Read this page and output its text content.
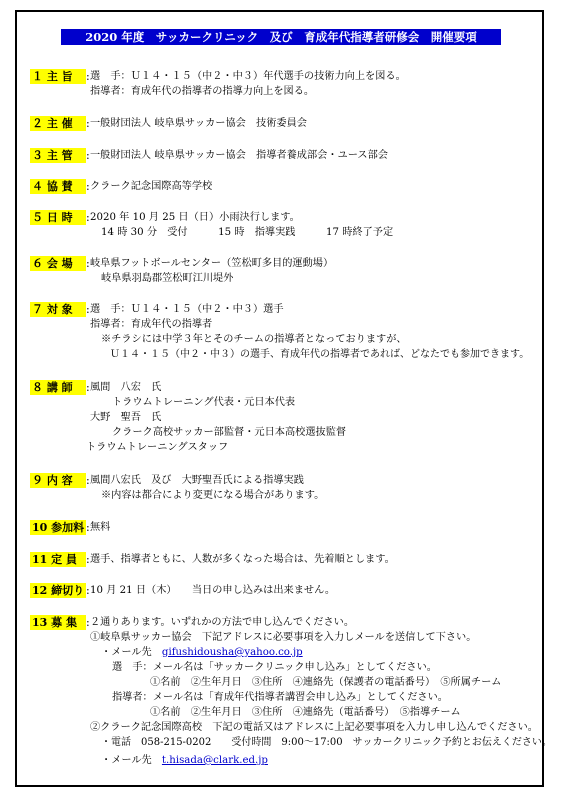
2020 年度　サッカークリニック　及び　育成年代指導者研修会　開催要項
１ 主 旨	: 選　手：Ｕ１４・１５（中２・中３）年代選手の技術力向上を図る。
指導者：育成年代の指導者の指導力向上を図る。
２ 主 催	: 一般財団法人 岐阜県サッカー協会　技術委員会
３ 主 管	: 一般財団法人 岐阜県サッカー協会　指導者養成部会・ユース部会
４ 協 賛	: クラーク記念国際高等学校
５ 日 時	: 2020 年 10 月 25 日（日）小雨決行します。
14 時 30 分　受付　　　15 時　指導実践　　　17 時終了予定
６ 会 場	: 岐阜県フットボールセンター（笠松町多目的運動場）
岐阜県羽島郡笠松町江川堤外
７ 対 象	: 選　手：Ｕ１４・１５（中２・中３）選手
指導者：育成年代の指導者
※チラシには中学３年とそのチームの指導者となっておりますが、
Ｕ１４・１５（中２・中３）の選手、育成年代の指導者であれば、どなたでも参加できます。
８ 講 師	: 風間　八宏　氏
トラウムトレーニング代表・元日本代表
大野　聖吾　氏
クラーク高校サッカー部監督・元日本高校選抜監督
トラウムトレーニングスタッフ
９ 内 容	: 風間八宏氏　及び　大野聖吾氏による指導実践
※内容は都合により変更になる場合があります。
10 参加料 : 無料
11 定 員 : 選手、指導者ともに、人数が多くなった場合は、先着順とします。
12 締切り : 10 月 21 日（木）　　当日の申し込みは出来ません。
13 募 集 : ２通りあります。いずれかの方法で申し込んでください。
①岐阜県サッカー協会　下記アドレスに必要事項を入力しメールを送信して下さい。
・メール先　gifushidousha@yahoo.co.jp
選　手：メール名は「サッカークリニック申し込み」としてください。
①名前　②生年月日　③住所　④連絡先（保護者の電話番号）　⑤所属チーム
指導者：メール名は「育成年代指導者講習会申し込み」としてください。
①名前　②生年月日　③住所　④連絡先（電話番号）　⑤指導チーム
②クラーク記念国際高校　下記の電話又はアドレスに上記必要事項を入力し申し込んでください。
・電話　058-215-0202　　受付時間　9:00～17:00　サッカークリニック予約とお伝えください。
・メール先　t.hisada@clark.ed.jp
